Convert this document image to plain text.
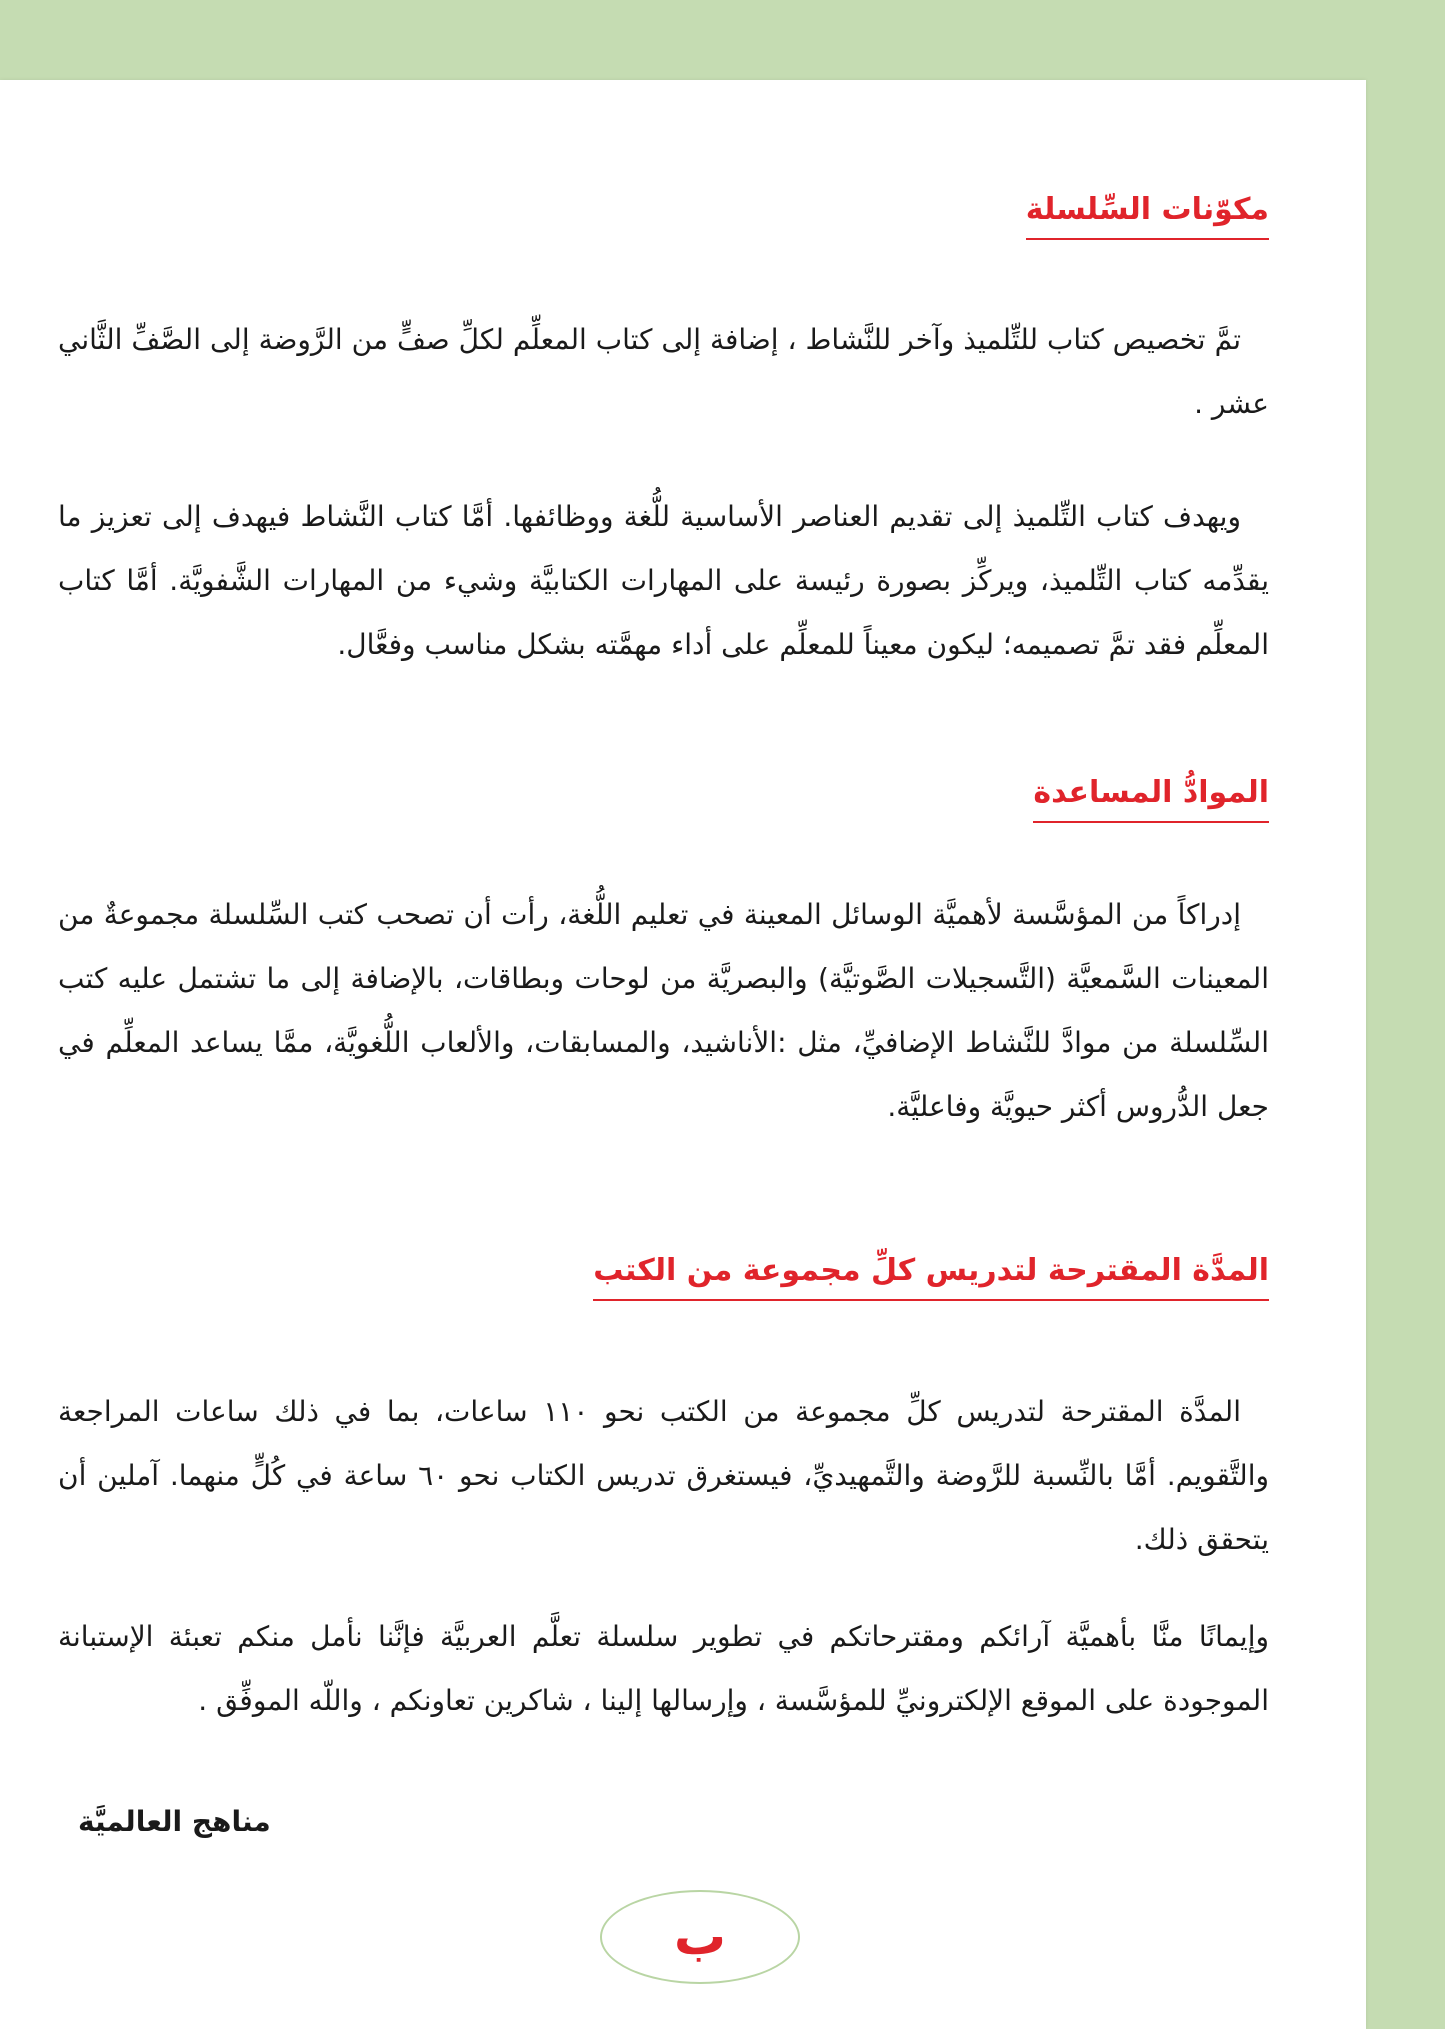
مكوّنات السِّلسلة

تمَّ تخصيص كتاب للتِّلميذ وآخر للنَّشاط ، إضافة إلى كتاب المعلِّم لكلِّ صفٍّ من الرَّوضة إلى الصَّفِّ الثَّاني عشر .

ويهدف كتاب التِّلميذ إلى تقديم العناصر الأساسية للُّغة ووظائفها. أمَّا كتاب النَّشاط فيهدف إلى تعزيز ما يقدِّمه كتاب التِّلميذ، ويركِّز بصورة رئيسة على المهارات الكتابيَّة وشيء من المهارات الشَّفويَّة. أمَّا كتاب المعلِّم فقد تمَّ تصميمه؛ ليكون معيناً للمعلِّم على أداء مهمَّته بشكل مناسب وفعَّال.

الموادُّ المساعدة

إدراكاً من المؤسَّسة لأهميَّة الوسائل المعينة في تعليم اللُّغة، رأت أن تصحب كتب السِّلسلة مجموعةٌ من المعينات السَّمعيَّة (التَّسجيلات الصَّوتيَّة) والبصريَّة من لوحات وبطاقات، بالإضافة إلى ما تشتمل عليه كتب السِّلسلة من موادَّ للنَّشاط الإضافيِّ، مثل :الأناشيد، والمسابقات، والألعاب اللُّغويَّة، ممَّا يساعد المعلِّم في جعل الدُّروس أكثر حيويَّة وفاعليَّة.

المدَّة المقترحة لتدريس كلِّ مجموعة من الكتب

المدَّة المقترحة لتدريس كلِّ مجموعة من الكتب نحو ١١٠ ساعات، بما في ذلك ساعات المراجعة والتَّقويم. أمَّا بالنِّسبة للرَّوضة والتَّمهيديِّ، فيستغرق تدريس الكتاب نحو ٦٠ ساعة في كُلٍّ منهما. آملين أن يتحقق ذلك.

وإيمانًا منَّا بأهميَّة آرائكم ومقترحاتكم في تطوير سلسلة تعلَّم العربيَّة فإنَّنا نأمل منكم تعبئة الإستبانة الموجودة على الموقع الإلكترونيِّ للمؤسَّسة ، وإرسالها إلينا ، شاكرين تعاونكم ، واللّه الموفِّق .

مناهج العالميَّة

ب
